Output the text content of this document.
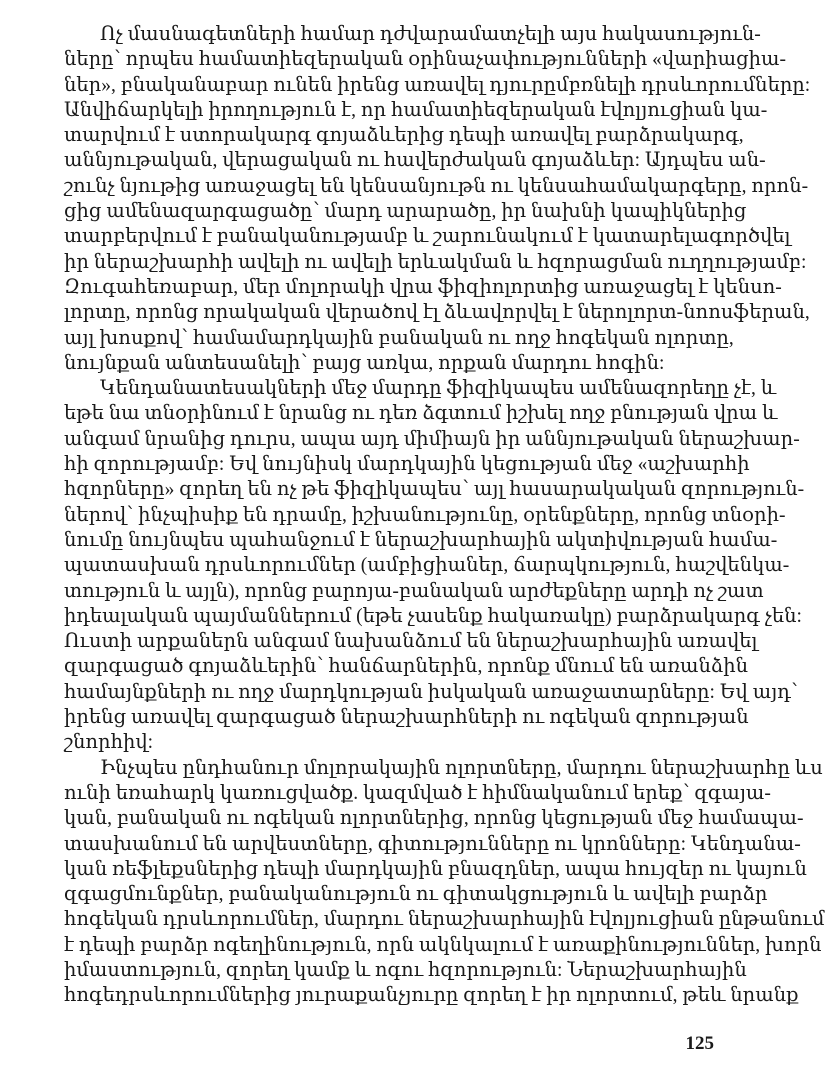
Ոչ մասնագետների համար դժվարամատչելի այս հակասություն-
ները՝ որպես համատիեզերական օրինաչափությունների «վարիացիա-
ներ», բնականաբար ունեն իրենց առավել դյուրըմբռնելի դրսևորումները:
Անվիճարկելի իրողություն է, որ համատիեզերական էվոլյուցիան կա-
տարվում է ստորակարգ գոյաձևերից դեպի առավել բարձրակարգ,
աննյութական, վերացական ու հավերժական գոյաձևեր: Այդպես ան-
շունչ նյութից առաջացել են կենսանյութն ու կենսահամակարգերը, որոն-
ցից ամենազարգացածը՝ մարդ արարածը, իր նախնի կապիկներից
տարբերվում է բանականությամբ և շարունակում է կատարելագործվել
իր ներաշխարհի ավելի ու ավելի երևակման և հզորացման ուղղությամբ:
Զուգահեռաբար, մեր մոլորակի վրա ֆիզիոլորտից առաջացել է կենսո-
լորտը, որոնց որակական վերածով էլ ձևավորվել է ներոլորտ-նոոսֆերան,
այլ խոսքով՝ համամարդկային բանական ու ողջ հոգեկան ոլորտը,
նույնքան անտեսանելի՝ բայց առկա, որքան մարդու հոգին:
Կենդանատեսակների մեջ մարդը ֆիզիկապես ամենազորեղը չէ, և
եթե նա տնօրինում է նրանց ու դեռ ձգտում իշխել ողջ բնության վրա և
անգամ նրանից դուրս, ապա այդ միմիայն իր աննյութական ներաշխար-
հի զորությամբ: Եվ նույնիսկ մարդկային կեցության մեջ «աշխարհի
հզորները» զորեղ են ոչ թե ֆիզիկապես՝ այլ հասարակական զորություն-
ներով՝ ինչպիսիք են դրամը, իշխանությունը, օրենքները, որոնց տնօրի-
նումը նույնպես պահանջում է ներաշխարհային ակտիվության համա-
պատասխան դրսևորումներ (ամբիցիաներ, ճարպկություն, հաշվենկա-
տություն և այլն), որոնց բարոյա-բանական արժեքները արդի ոչ շատ
իդեալական պայմաններում (եթե չասենք հակառակը) բարձրակարգ չեն:
Ուստի արքաներն անգամ նախանձում են ներաշխարհային առավել
զարգացած գոյաձևերին՝ հանճարներին, որոնք մնում են առանձին
համայնքների ու ողջ մարդկության իսկական առաջատարները: Եվ այդ՝
իրենց առավել զարգացած ներաշխարհների ու ոգեկան զորության
շնորհիվ:
Ինչպես ընդհանուր մոլորակային ոլորտները, մարդու ներաշխարհը ևս
ունի եռահարկ կառուցվածք. կազմված է հիմնականում երեք՝ զգայա-
կան, բանական ու ոգեկան ոլորտներից, որոնց կեցության մեջ համապա-
տասխանում են արվեստները, գիտությունները ու կրոնները: Կենդանա-
կան ռեֆլեքսներից դեպի մարդկային բնազդներ, ապա հույզեր ու կայուն
զգացմունքներ, բանականություն ու գիտակցություն և ավելի բարձր
հոգեկան դրսևորումներ, մարդու ներաշխարհային էվոլյուցիան ընթանում
է դեպի բարձր ոգեղինություն, որն ակնկալում է առաքինություններ, խորն
իմաստություն, զորեղ կամք և ոգու հզորություն: Ներաշխարհային
հոգեդրսևորումներից յուրաքանչյուրը զորեղ է իր ոլորտում, թեև նրանք
125
